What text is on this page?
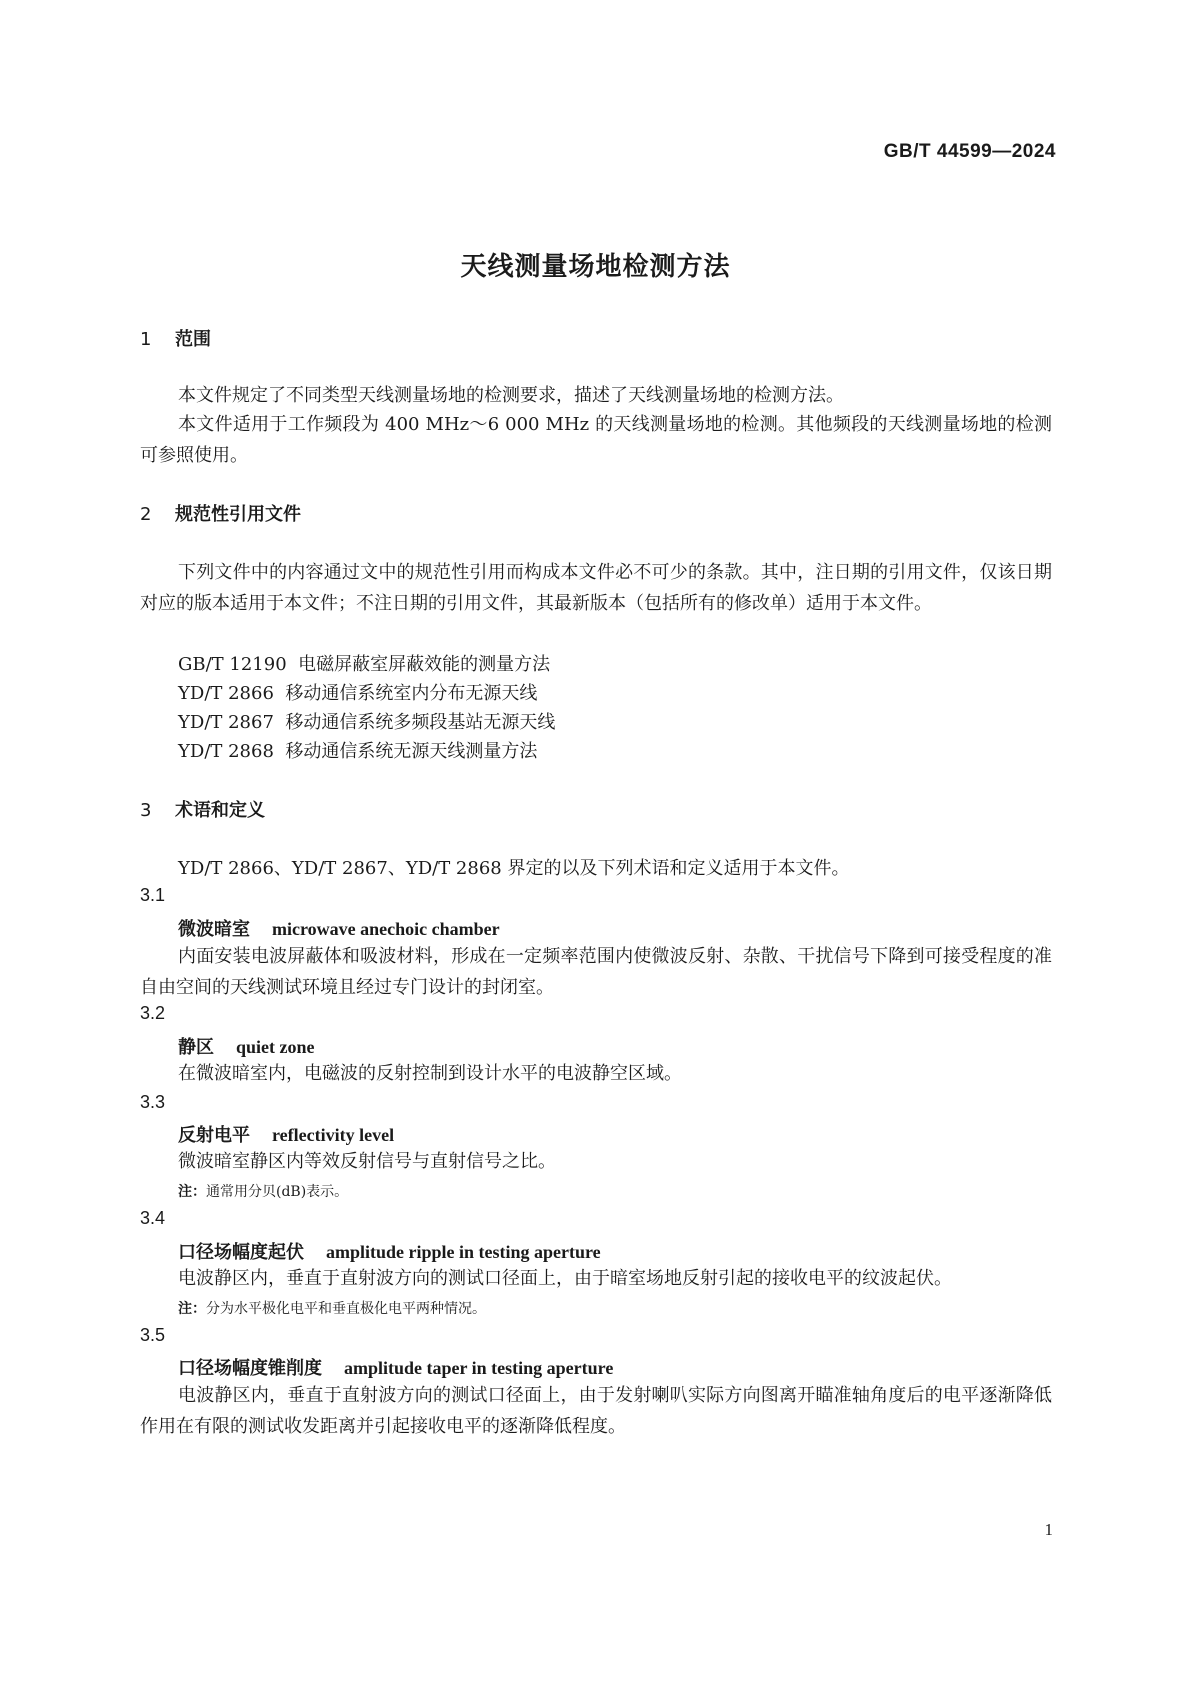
GB/T 44599—2024
天线测量场地检测方法
1 范围
本文件规定了不同类型天线测量场地的检测要求，描述了天线测量场地的检测方法。
本文件适用于工作频段为 400 MHz～6 000 MHz 的天线测量场地的检测。其他频段的天线测量场地的检测可参照使用。
2 规范性引用文件
下列文件中的内容通过文中的规范性引用而构成本文件必不可少的条款。其中，注日期的引用文件，仅该日期对应的版本适用于本文件；不注日期的引用文件，其最新版本（包括所有的修改单）适用于本文件。
GB/T 12190 电磁屏蔽室屏蔽效能的测量方法
YD/T 2866 移动通信系统室内分布无源天线
YD/T 2867 移动通信系统多频段基站无源天线
YD/T 2868 移动通信系统无源天线测量方法
3 术语和定义
YD/T 2866、YD/T 2867、YD/T 2868 界定的以及下列术语和定义适用于本文件。
3.1
微波暗室 microwave anechoic chamber
内面安装电波屏蔽体和吸波材料，形成在一定频率范围内使微波反射、杂散、干扰信号下降到可接受程度的准自由空间的天线测试环境且经过专门设计的封闭室。
3.2
静区 quiet zone
在微波暗室内，电磁波的反射控制到设计水平的电波静空区域。
3.3
反射电平 reflectivity level
微波暗室静区内等效反射信号与直射信号之比。
注：通常用分贝(dB)表示。
3.4
口径场幅度起伏 amplitude ripple in testing aperture
电波静区内，垂直于直射波方向的测试口径面上，由于暗室场地反射引起的接收电平的纹波起伏。
注：分为水平极化电平和垂直极化电平两种情况。
3.5
口径场幅度锥削度 amplitude taper in testing aperture
电波静区内，垂直于直射波方向的测试口径面上，由于发射喇叭实际方向图离开瞄准轴角度后的电平逐渐降低作用在有限的测试收发距离并引起接收电平的逐渐降低程度。
1
